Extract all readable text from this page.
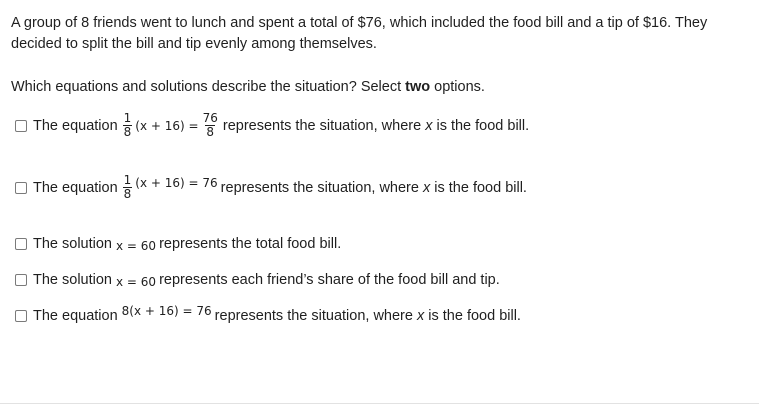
A group of 8 friends went to lunch and spent a total of $76, which included the food bill and a tip of $16. They decided to split the bill and tip evenly among themselves.
Which equations and solutions describe the situation? Select two options.
The equation $\frac{1}{8} (x + 16) = \frac{76}{8}$ represents the situation, where x is the food bill.
The equation $\frac{1}{8} (x + 16) = 76$ represents the situation, where x is the food bill.
The solution x = 60 represents the total food bill.
The solution x = 60 represents each friend’s share of the food bill and tip.
The equation 8(x + 16) = 76 represents the situation, where x is the food bill.
